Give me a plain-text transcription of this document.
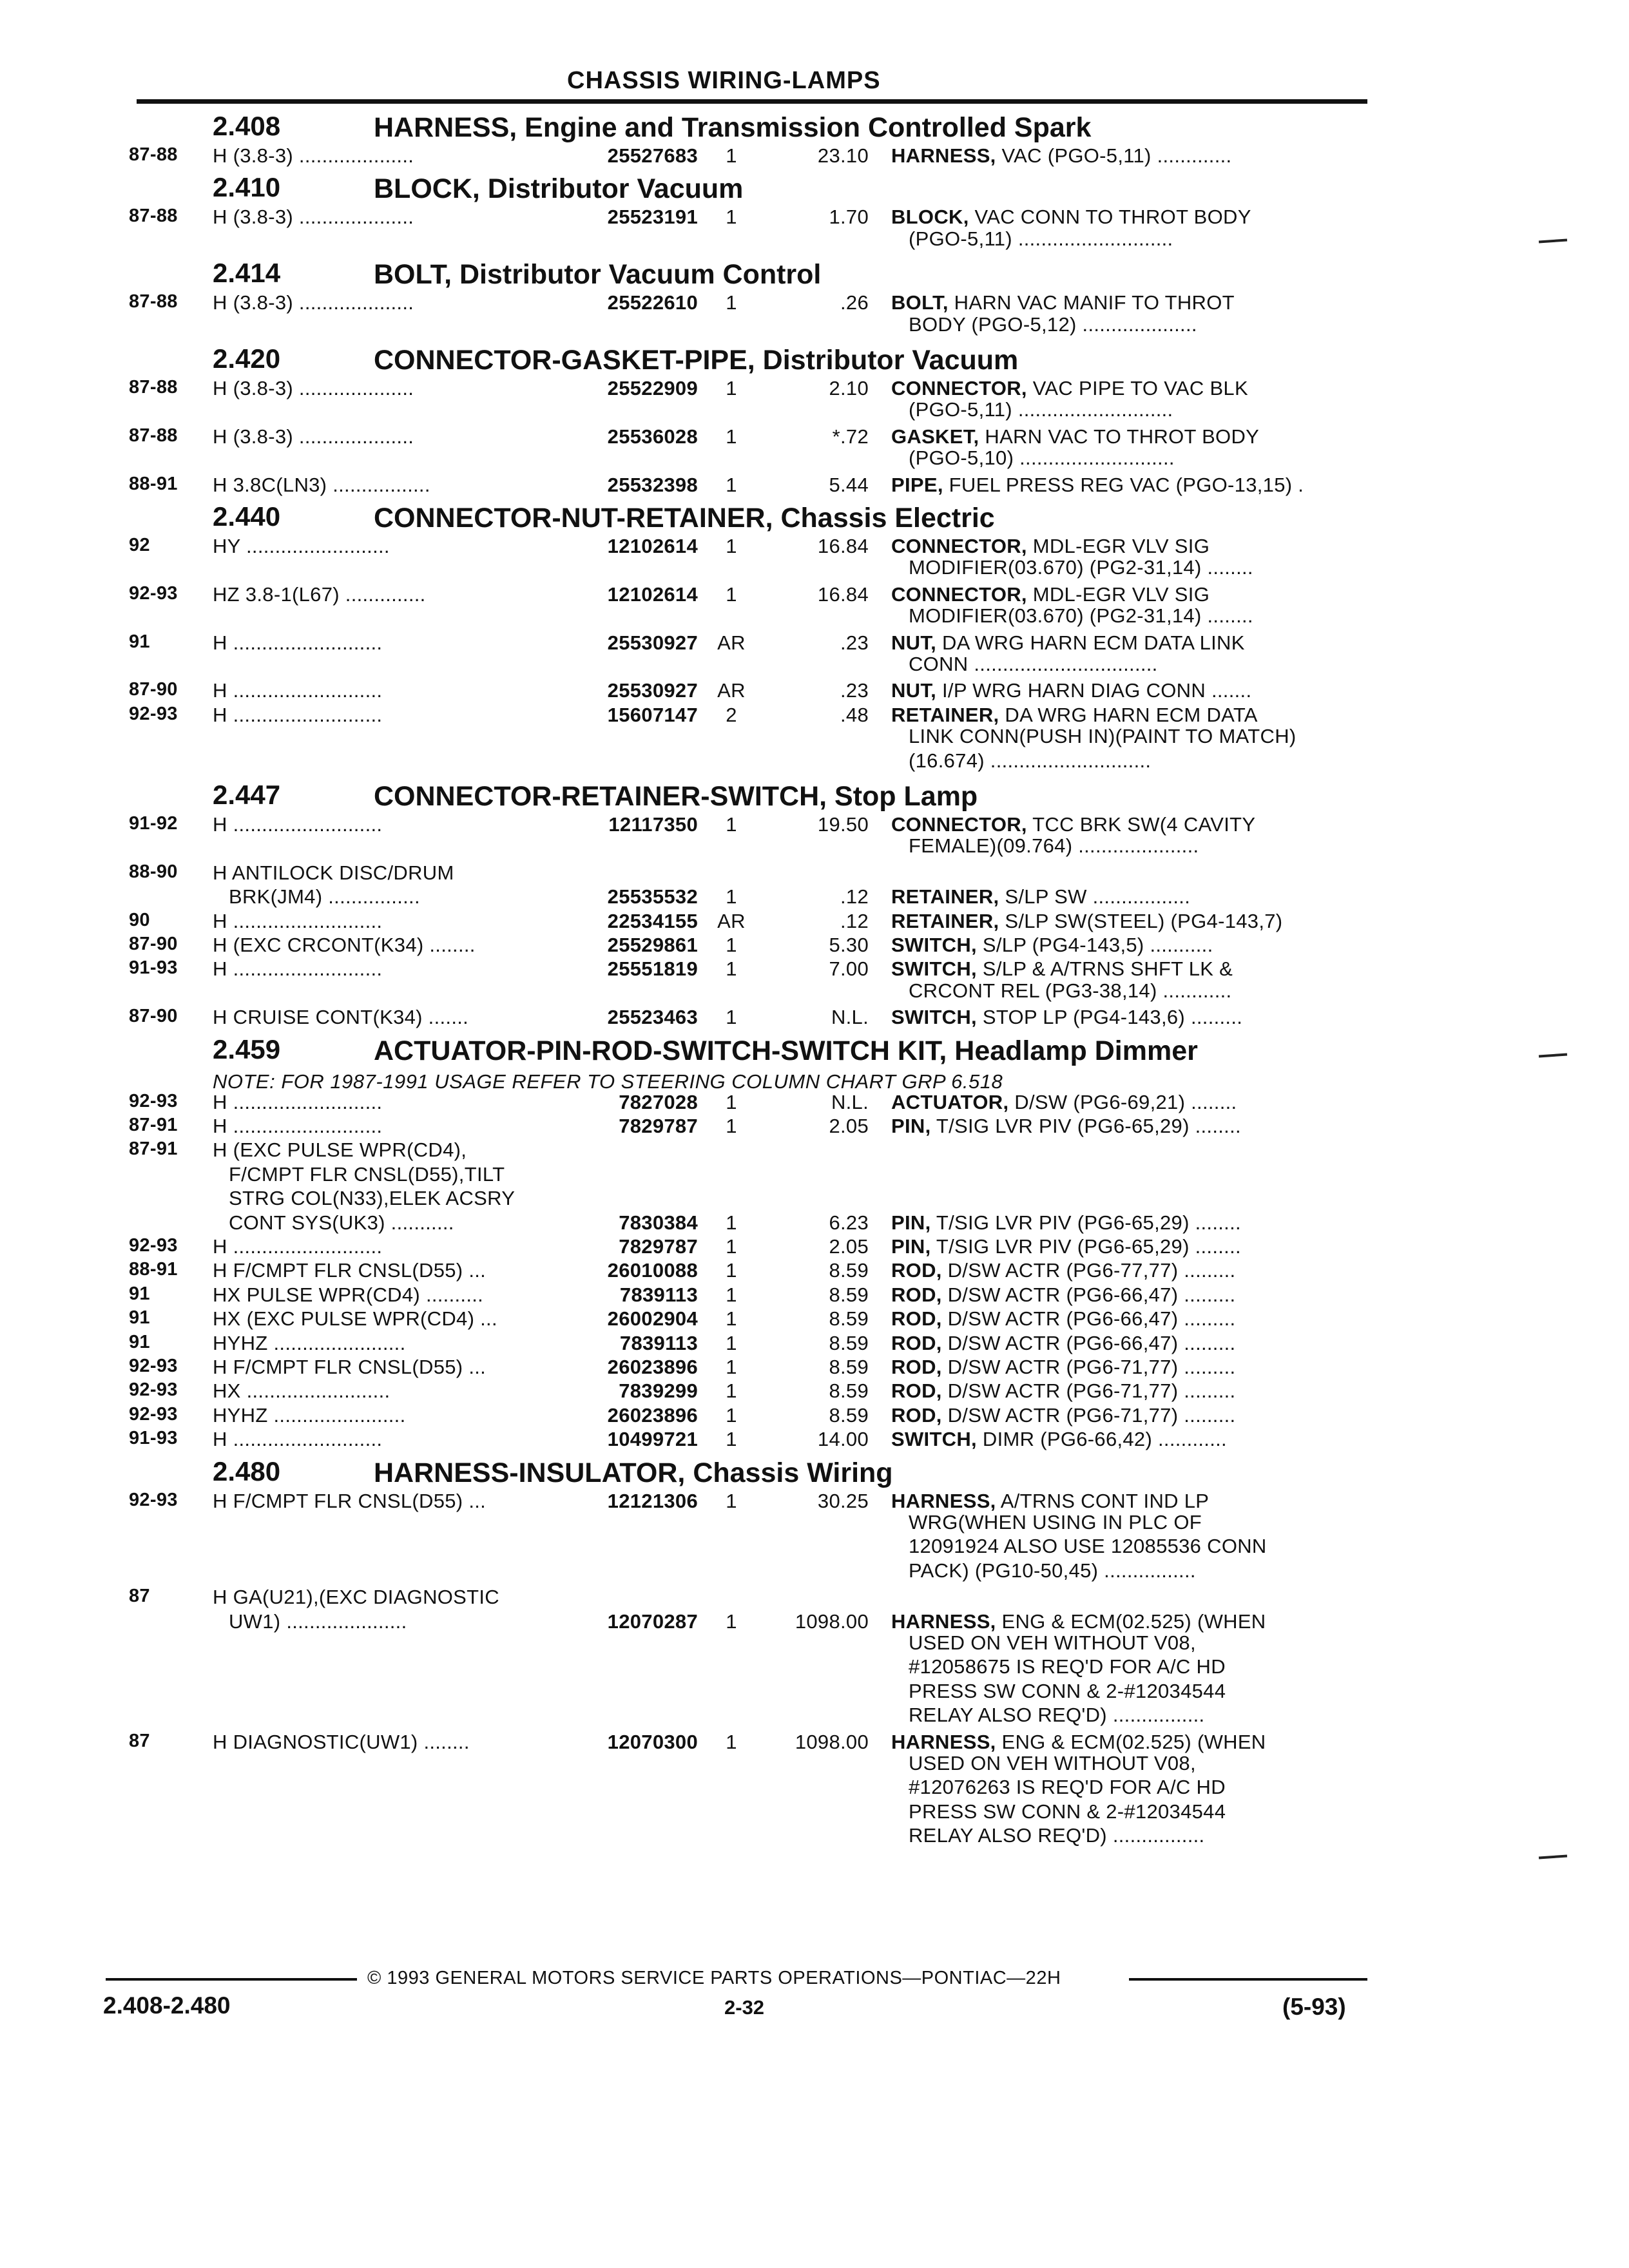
CHASSIS WIRING-LAMPS
2.408	HARNESS, Engine and Transmission Controlled Spark
87-88 H (3.8-3) ....................	25527683	1	23.10 HARNESS, VAC (PGO-5,11) .............
2.410	BLOCK, Distributor Vacuum
87-88 H (3.8-3) ....................	25523191	1	1.70 BLOCK, VAC CONN TO THROT BODY
(PGO-5,11) ...........................
2.414	BOLT, Distributor Vacuum Control
87-88 H (3.8-3) ....................	25522610	1	.26 BOLT, HARN VAC MANIF TO THROT
BODY (PGO-5,12) ....................
2.420	CONNECTOR-GASKET-PIPE, Distributor Vacuum
87-88 H (3.8-3) ....................	25522909	1	2.10 CONNECTOR, VAC PIPE TO VAC BLK
(PGO-5,11) ...........................
87-88 H (3.8-3) ....................	25536028	1	*.72 GASKET, HARN VAC TO THROT BODY
(PGO-5,10) ...........................
88-91 H 3.8C(LN3) .................	25532398	1	5.44 PIPE, FUEL PRESS REG VAC (PGO-13,15) .
2.440	CONNECTOR-NUT-RETAINER, Chassis Electric
92	HY .........................	12102614	1	16.84 CONNECTOR, MDL-EGR VLV SIG
MODIFIER(03.670) (PG2-31,14) ........
92-93 HZ 3.8-1(L67) ..............	12102614	1	16.84 CONNECTOR, MDL-EGR VLV SIG
MODIFIER(03.670) (PG2-31,14) ........
91	H ..........................	25530927 AR	.23 NUT, DA WRG HARN ECM DATA LINK
CONN ................................
87-90 H ..........................	25530927 AR	.23 NUT, I/P WRG HARN DIAG CONN .......
92-93 H ..........................	15607147	2	.48 RETAINER, DA WRG HARN ECM DATA
LINK CONN(PUSH IN)(PAINT TO MATCH)
(16.674) ............................
2.447	CONNECTOR-RETAINER-SWITCH, Stop Lamp
91-92 H ..........................	12117350	1	19.50 CONNECTOR, TCC BRK SW(4 CAVITY
FEMALE)(09.764) .....................
88-90 H ANTILOCK DISC/DRUM
BRK(JM4) ................	25535532	1	.12 RETAINER, S/LP SW .................
90	H ..........................	22534155 AR	.12 RETAINER, S/LP SW(STEEL) (PG4-143,7)
87-90 H (EXC CRCONT(K34) ........	25529861	1	5.30 SWITCH, S/LP (PG4-143,5) ...........
91-93 H ..........................	25551819	1	7.00 SWITCH, S/LP & A/TRNS SHFT LK &
CRCONT REL (PG3-38,14) ............
87-90 H CRUISE CONT(K34) .......	25523463	1	N.L. SWITCH, STOP LP (PG4-143,6) .........
2.459	ACTUATOR-PIN-ROD-SWITCH-SWITCH KIT, Headlamp Dimmer
NOTE: FOR 1987-1991 USAGE REFER TO STEERING COLUMN CHART GRP 6.518
92-93 H ..........................	7827028	1	N.L. ACTUATOR, D/SW (PG6-69,21) ........
87-91 H ..........................	7829787	1	2.05 PIN, T/SIG LVR PIV (PG6-65,29) ........
87-91 H (EXC PULSE WPR(CD4),
F/CMPT FLR CNSL(D55),TILT
STRG COL(N33),ELEK ACSRY
CONT SYS(UK3) ...........	7830384	1	6.23 PIN, T/SIG LVR PIV (PG6-65,29) ........
92-93 H ..........................	7829787	1	2.05 PIN, T/SIG LVR PIV (PG6-65,29) ........
88-91 H F/CMPT FLR CNSL(D55) ...	26010088	1	8.59 ROD, D/SW ACTR (PG6-77,77) .........
91	HX PULSE WPR(CD4) ..........	7839113	1	8.59 ROD, D/SW ACTR (PG6-66,47) .........
91	HX (EXC PULSE WPR(CD4) ...	26002904	1	8.59 ROD, D/SW ACTR (PG6-66,47) .........
91	HYHZ .......................	7839113	1	8.59 ROD, D/SW ACTR (PG6-66,47) .........
92-93 H F/CMPT FLR CNSL(D55) ...	26023896	1	8.59 ROD, D/SW ACTR (PG6-71,77) .........
92-93 HX .........................	7839299	1	8.59 ROD, D/SW ACTR (PG6-71,77) .........
92-93 HYHZ .......................	26023896	1	8.59 ROD, D/SW ACTR (PG6-71,77) .........
91-93 H ..........................	10499721	1	14.00 SWITCH, DIMR (PG6-66,42) ............
2.480	HARNESS-INSULATOR, Chassis Wiring
92-93 H F/CMPT FLR CNSL(D55) ...	12121306	1	30.25 HARNESS, A/TRNS CONT IND LP
WRG(WHEN USING IN PLC OF
12091924 ALSO USE 12085536 CONN
PACK) (PG10-50,45) ................
87	H GA(U21),(EXC DIAGNOSTIC
UW1) .....................	12070287	1	1098.00 HARNESS, ENG & ECM(02.525) (WHEN
USED ON VEH WITHOUT V08,
#12058675 IS REQ'D FOR A/C HD
PRESS SW CONN & 2-#12034544
RELAY ALSO REQ'D) ................
87	H DIAGNOSTIC(UW1) ........	12070300	1	1098.00 HARNESS, ENG & ECM(02.525) (WHEN
USED ON VEH WITHOUT V08,
#12076263 IS REQ'D FOR A/C HD
PRESS SW CONN & 2-#12034544
RELAY ALSO REQ'D) ................
© 1993 GENERAL MOTORS SERVICE PARTS OPERATIONS—PONTIAC—22H
2.408-2.480	2-32	(5-93)
